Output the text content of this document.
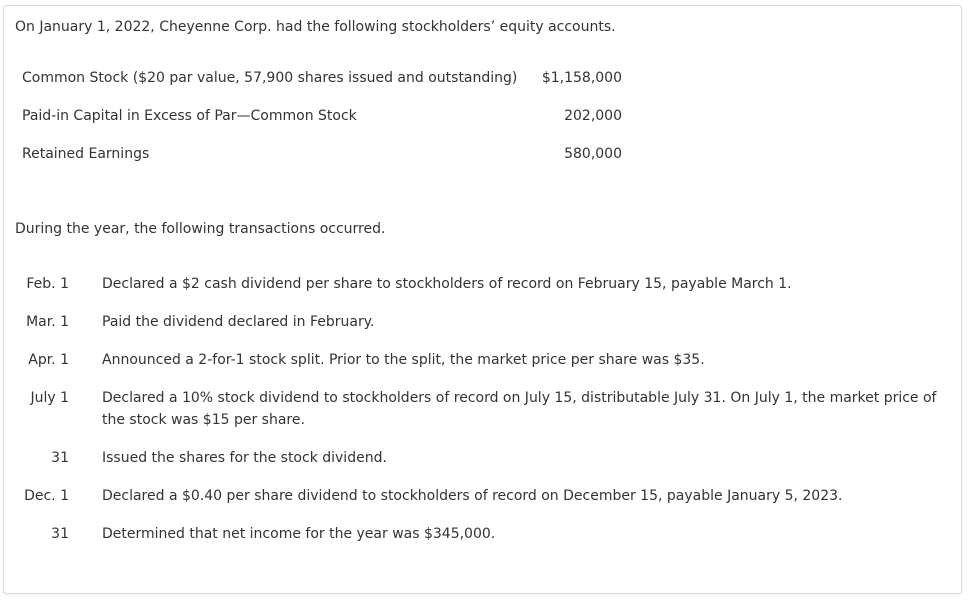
On January 1, 2022, Cheyenne Corp. had the following stockholders’ equity accounts.

Common Stock ($20 par value, 57,900 shares issued and outstanding) $1,158,000
Paid-in Capital in Excess of Par—Common Stock	202,000
Retained Earnings	580,000

During the year, the following transactions occurred.

Feb. 1 Declared a $2 cash dividend per share to stockholders of record on February 15, payable March 1.
Mar. 1 Paid the dividend declared in February.
Apr. 1 Announced a 2-for-1 stock split. Prior to the split, the market price per share was $35.
July 1 Declared a 10% stock dividend to stockholders of record on July 15, distributable July 31. On July 1, the market price of the stock was $15 per share.
31 Issued the shares for the stock dividend.
Dec. 1 Declared a $0.40 per share dividend to stockholders of record on December 15, payable January 5, 2023.
31 Determined that net income for the year was $345,000.
